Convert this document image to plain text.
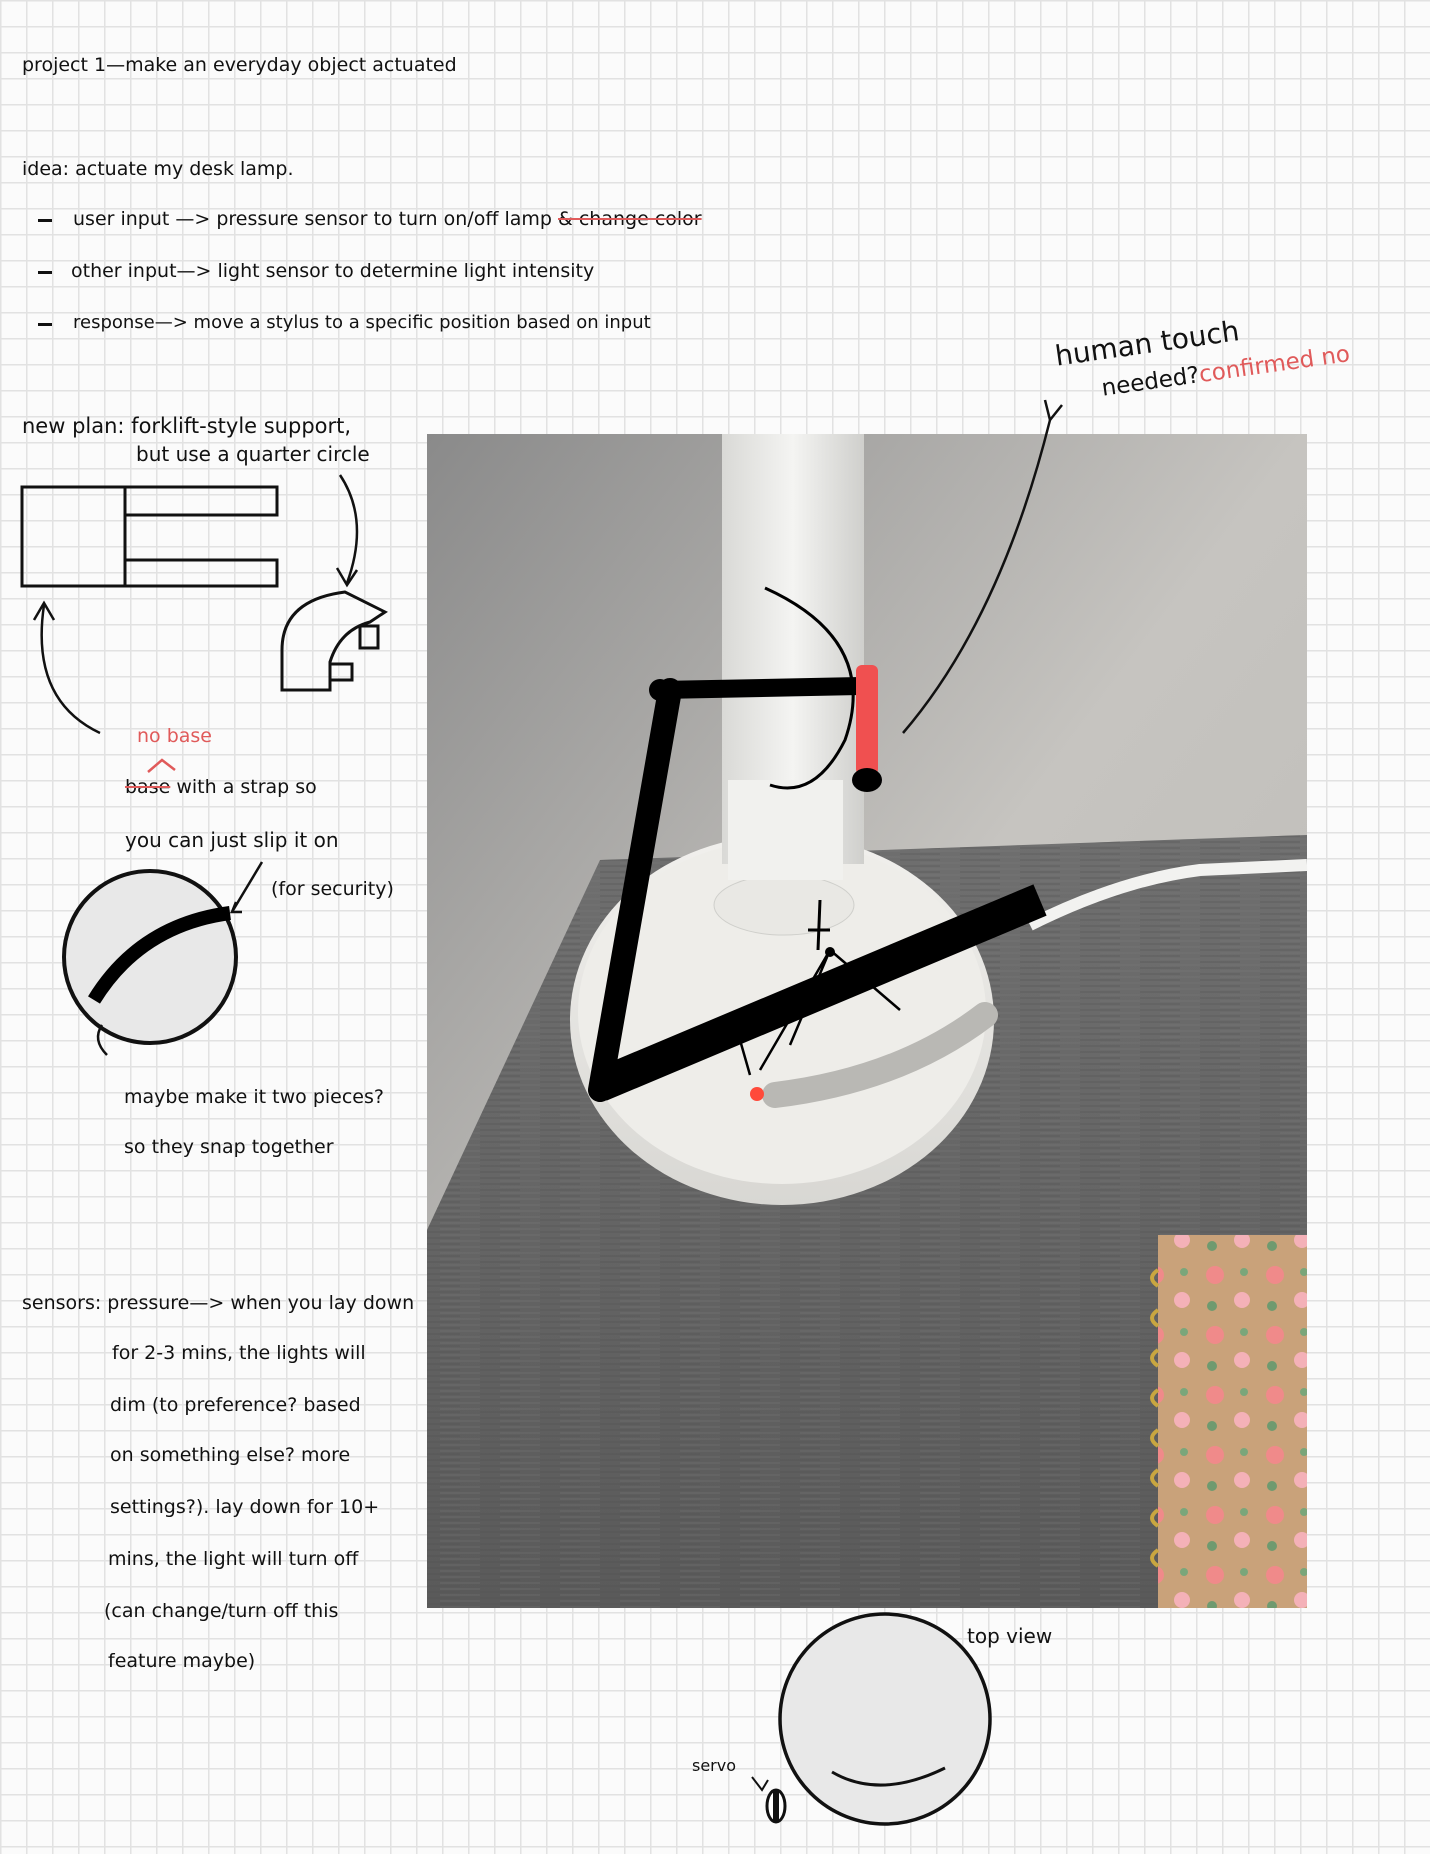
project 1—make an everyday object actuated
idea: actuate my desk lamp.
user input —> pressure sensor to turn on/off lamp & change color
other input—> light sensor to determine light intensity
response—> move a stylus to a specific position based on input	human touch
needed?confirmed no
new plan: forklift-style support,
but use a quarter circle
no base
base with a strap so
you can just slip it on
(for security)
maybe make it two pieces?
so they snap together
sensors: pressure—> when you lay down
for 2-3 mins, the lights will
dim (to preference? based
on something else? more
settings?). lay down for 10+
mins, the light will turn off
(can change/turn off this
feature maybe)
top view
servo
